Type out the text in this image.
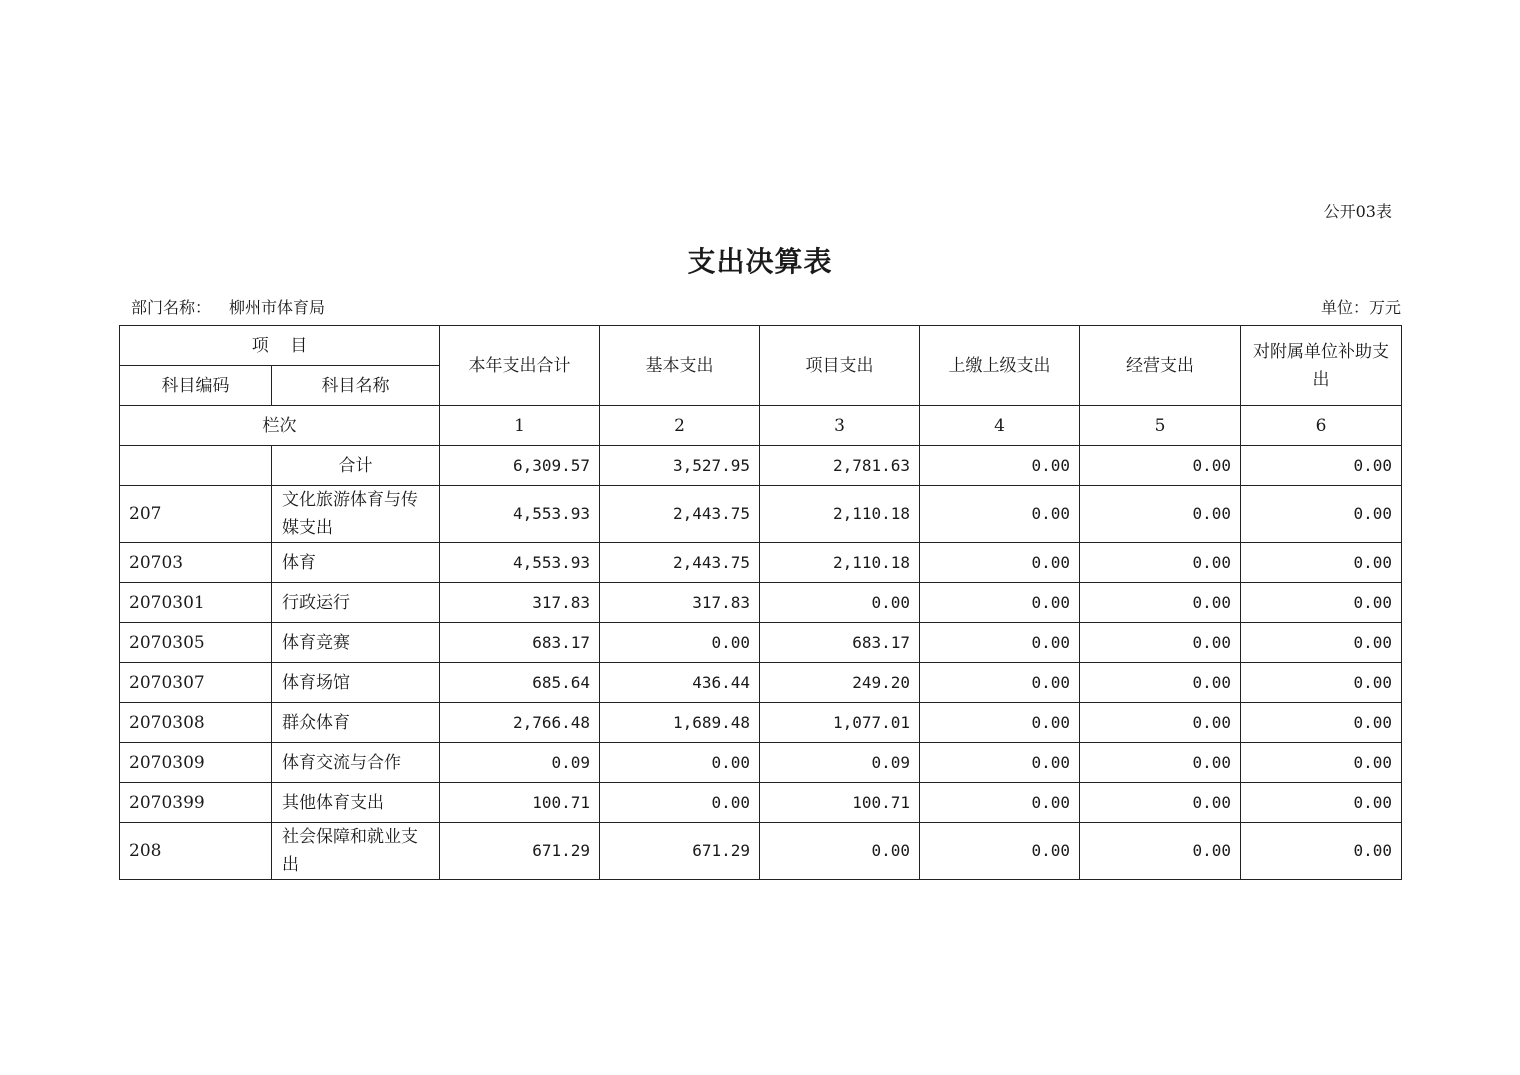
公开03表
支出决算表
部门名称： 柳州市体育局	单位：万元
项    目		本年支出合计	基本支出	项目支出	上缴上级支出	经营支出	对附属单位补助支出
科目编码	科目名称						
栏次		1	2	3	4	5	6
	合计	6,309.57	3,527.95	2,781.63	0.00	0.00	0.00
207	文化旅游体育与传媒支出	4,553.93	2,443.75	2,110.18	0.00	0.00	0.00
20703	体育	4,553.93	2,443.75	2,110.18	0.00	0.00	0.00
2070301	行政运行	317.83	317.83	0.00	0.00	0.00	0.00
2070305	体育竞赛	683.17	0.00	683.17	0.00	0.00	0.00
2070307	体育场馆	685.64	436.44	249.20	0.00	0.00	0.00
2070308	群众体育	2,766.48	1,689.48	1,077.01	0.00	0.00	0.00
2070309	体育交流与合作	0.09	0.00	0.09	0.00	0.00	0.00
2070399	其他体育支出	100.71	0.00	100.71	0.00	0.00	0.00
208	社会保障和就业支出	671.29	671.29	0.00	0.00	0.00	0.00
